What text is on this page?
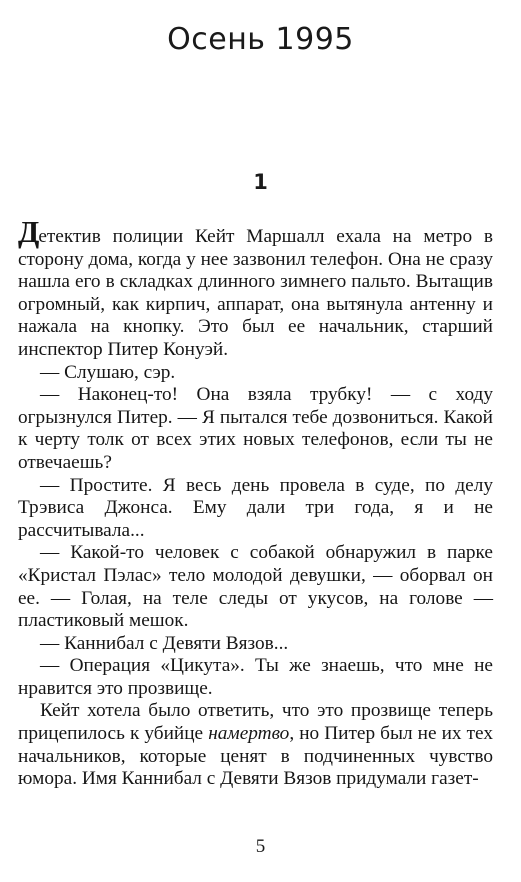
Осень 1995
1

Детектив полиции Кейт Маршалл ехала на метро в сторону дома, когда у нее зазвонил телефон. Она не сразу нашла его в складках длинного зимнего пальто. Вытащив огромный, как кирпич, аппарат, она вытянула антенну и нажала на кнопку. Это был ее начальник, старший инспектор Питер Конуэй.

— Слушаю, сэр.

— Наконец-то! Она взяла трубку! — с ходу огрызнулся Питер. — Я пытался тебе дозвониться. Какой к черту толк от всех этих новых телефонов, если ты не отвечаешь?

— Простите. Я весь день провела в суде, по делу Трэвиса Джонса. Ему дали три года, я и не рассчитывала...

— Какой-то человек с собакой обнаружил в парке «Кристал Пэлас» тело молодой девушки, — оборвал он ее. — Голая, на теле следы от укусов, на голове — пластиковый мешок.

— Каннибал с Девяти Вязов...

— Операция «Цикута». Ты же знаешь, что мне не нравится это прозвище.

Кейт хотела было ответить, что это прозвище теперь прицепилось к убийце намертво, но Питер был не их тех начальников, которые ценят в подчиненных чувство юмора. Имя Каннибал с Девяти Вязов придумали газет-

5
